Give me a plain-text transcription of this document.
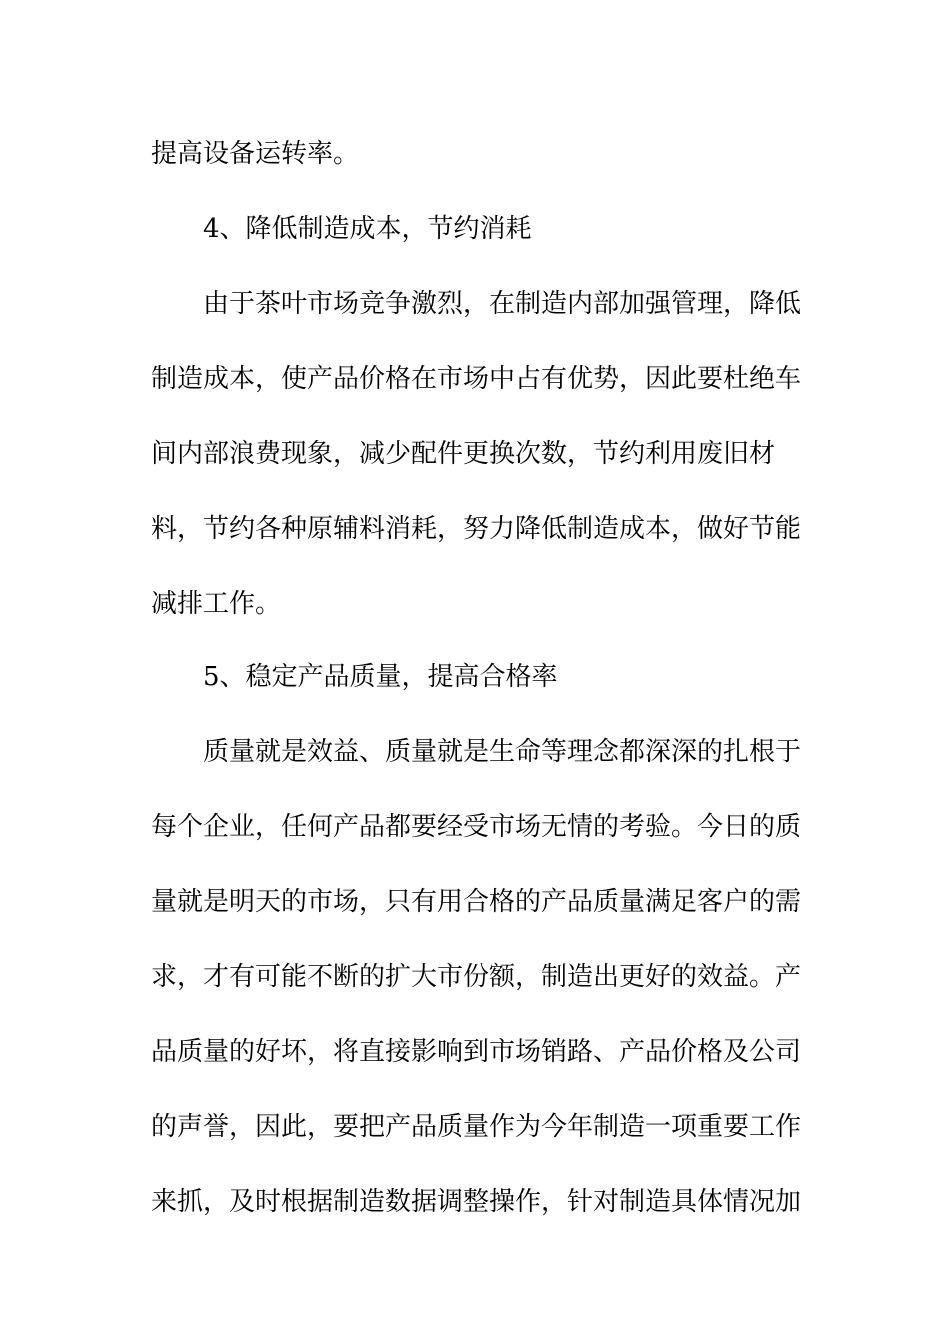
提高设备运转率。
4、降低制造成本，节约消耗
由于茶叶市场竞争激烈，在制造内部加强管理，降低
制造成本，使产品价格在市场中占有优势，因此要杜绝车
间内部浪费现象，减少配件更换次数，节约利用废旧材
料，节约各种原辅料消耗，努力降低制造成本，做好节能
减排工作。
5、稳定产品质量，提高合格率
质量就是效益、质量就是生命等理念都深深的扎根于
每个企业，任何产品都要经受市场无情的考验。今日的质
量就是明天的市场，只有用合格的产品质量满足客户的需
求，才有可能不断的扩大市份额，制造出更好的效益。产
品质量的好坏，将直接影响到市场销路、产品价格及公司
的声誉，因此，要把产品质量作为今年制造一项重要工作
来抓，及时根据制造数据调整操作，针对制造具体情况加
